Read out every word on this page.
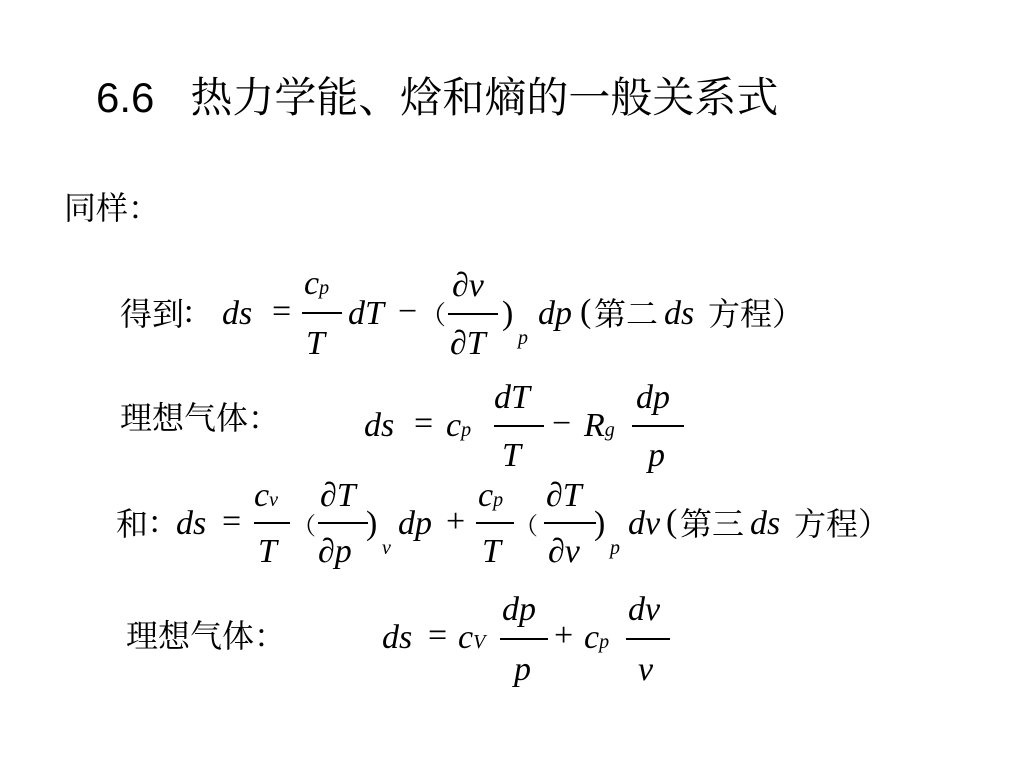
6.6 热力学能、焓和熵的一般关系式
同样：
得到 : ds =
cp
T
dT − （
∂v
∂T
)
p
dp ( 第二 ds 方程）
理想气体： ds = cp
dT
T
− Rg
dp
p
和 : ds =
cv
T
（
∂T
∂p
)
v
dp +
cp
T
（
∂T
∂v
)
p
dv ( 第三 ds 方程）
理想气体：	ds = cV
dp
p
+ cp
dv
v
